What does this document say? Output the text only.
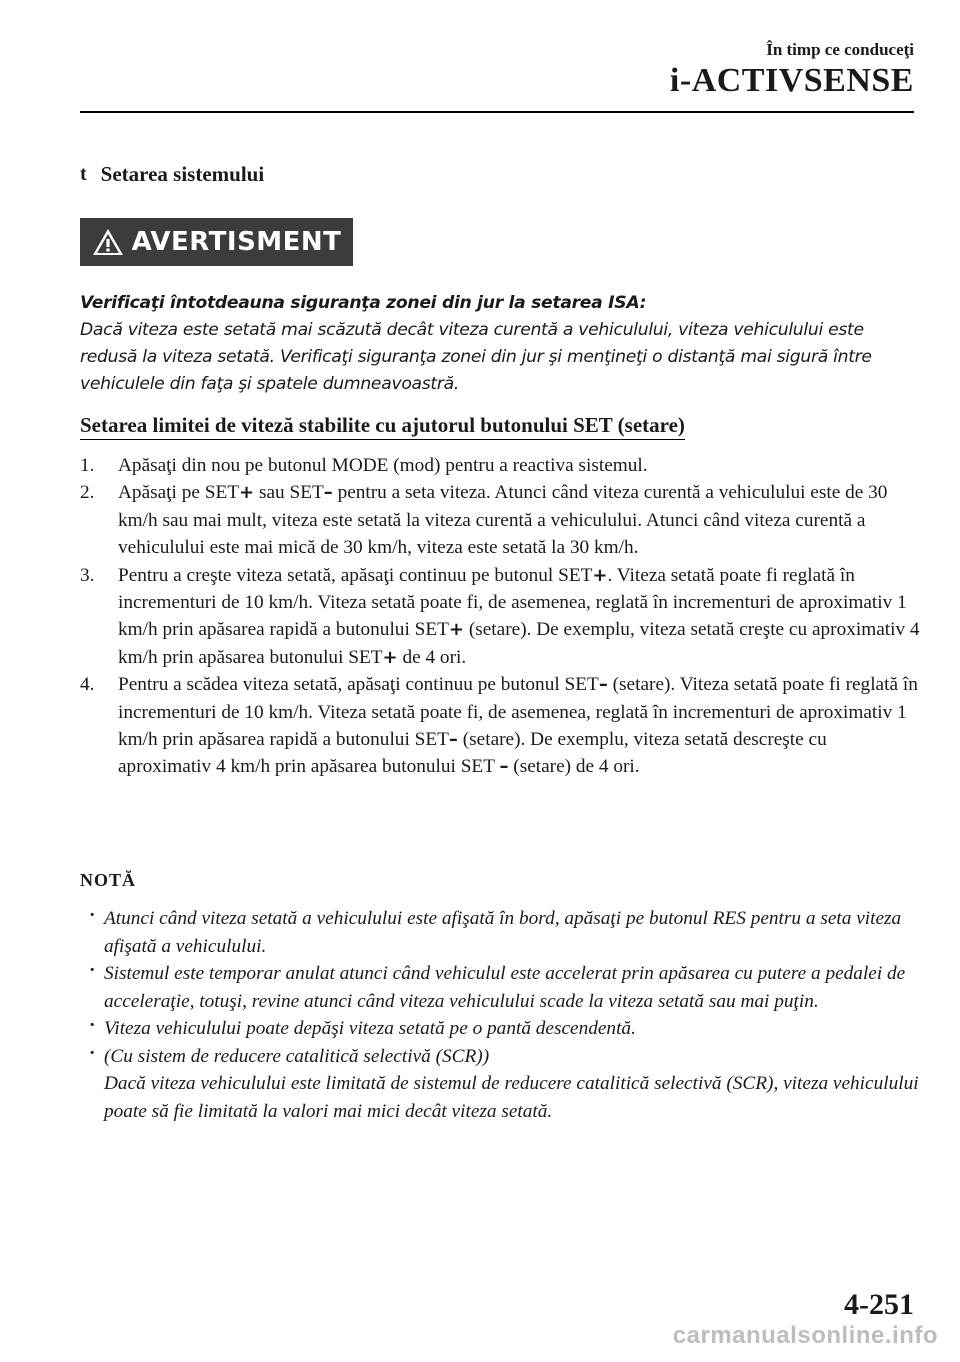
În timp ce conduceţi
i-ACTIVSENSE
t Setarea sistemului
AVERTISMENT
Verificaţi întotdeauna siguranţa zonei din jur la setarea ISA:
Dacă viteza este setată mai scăzută decât viteza curentă a vehiculului, viteza vehiculului este redusă la viteza setată. Verificaţi siguranţa zonei din jur şi menţineţi o distanţă mai sigură între vehiculele din faţa şi spatele dumneavoastră.
Setarea limitei de viteză stabilite cu ajutorul butonului SET (setare)
1. Apăsaţi din nou pe butonul MODE (mod) pentru a reactiva sistemul.
2. Apăsaţi pe SET+ sau SET– pentru a seta viteza. Atunci când viteza curentă a vehiculului este de 30 km/h sau mai mult, viteza este setată la viteza curentă a vehiculului. Atunci când viteza curentă a vehiculului este mai mică de 30 km/h, viteza este setată la 30 km/h.
3. Pentru a creşte viteza setată, apăsaţi continuu pe butonul SET+. Viteza setată poate fi reglată în incrementuri de 10 km/h. Viteza setată poate fi, de asemenea, reglată în incrementuri de aproximativ 1 km/h prin apăsarea rapidă a butonului SET+ (setare). De exemplu, viteza setată creşte cu aproximativ 4 km/h prin apăsarea butonului SET+ de 4 ori.
4. Pentru a scădea viteza setată, apăsaţi continuu pe butonul SET– (setare). Viteza setată poate fi reglată în incrementuri de 10 km/h. Viteza setată poate fi, de asemenea, reglată în incrementuri de aproximativ 1 km/h prin apăsarea rapidă a butonului SET– (setare). De exemplu, viteza setată descreşte cu aproximativ 4 km/h prin apăsarea butonului SET – (setare) de 4 ori.
NOTĂ
· Atunci când viteza setată a vehiculului este afişată în bord, apăsaţi pe butonul RES pentru a seta viteza afişată a vehiculului.
· Sistemul este temporar anulat atunci când vehiculul este accelerat prin apăsarea cu putere a pedalei de acceleraţie, totuşi, revine atunci când viteza vehiculului scade la viteza setată sau mai puţin.
· Viteza vehiculului poate depăşi viteza setată pe o pantă descendentă.
· (Cu sistem de reducere catalitică selectivă (SCR))
Dacă viteza vehiculului este limitată de sistemul de reducere catalitică selectivă (SCR), viteza vehiculului poate să fie limitată la valori mai mici decât viteza setată.
4-251
carmanualsonline.info
